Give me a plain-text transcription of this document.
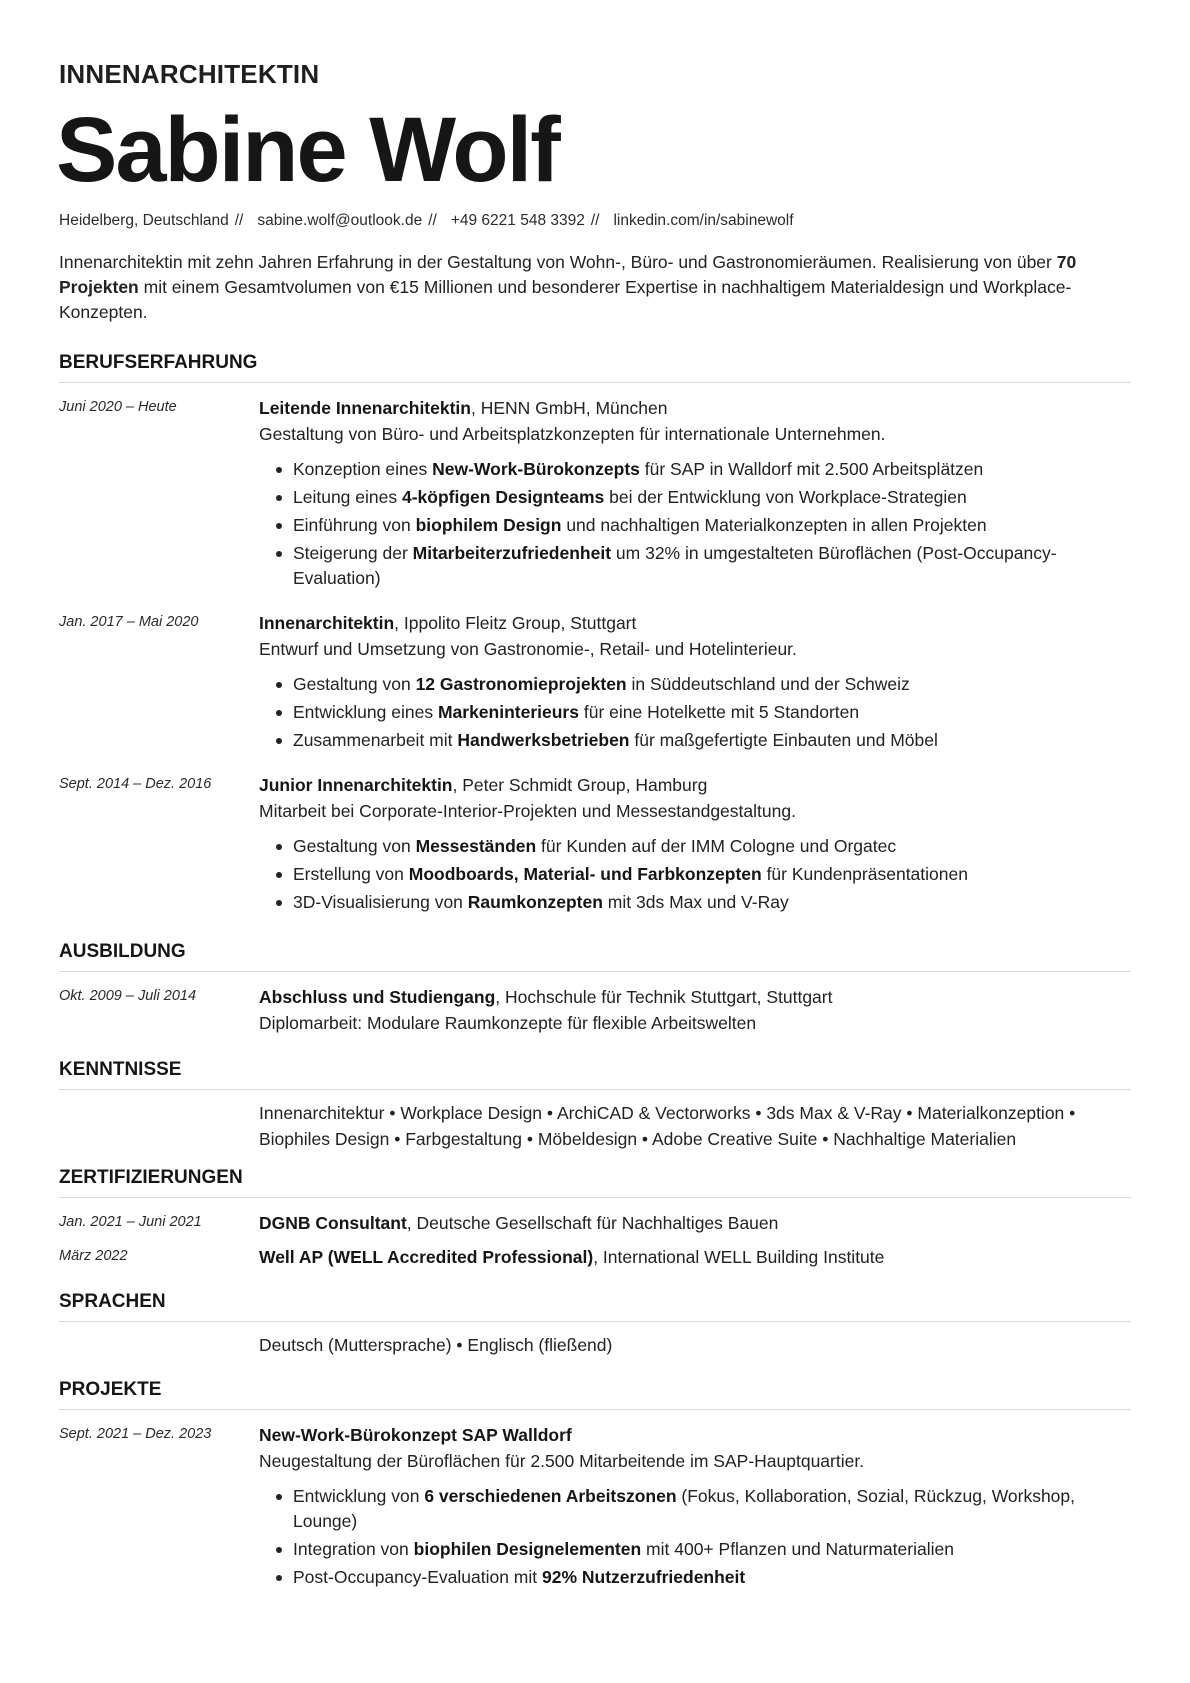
INNENARCHITEKTIN
Sabine Wolf
Heidelberg, Deutschland // sabine.wolf@outlook.de // +49 6221 548 3392 // linkedin.com/in/sabinewolf
Innenarchitektin mit zehn Jahren Erfahrung in der Gestaltung von Wohn-, Büro- und Gastronomieräumen. Realisierung von über 70 Projekten mit einem Gesamtvolumen von €15 Millionen und besonderer Expertise in nachhaltigem Materialdesign und Workplace-Konzepten.
BERUFSERFAHRUNG
Juni 2020 – Heute	Leitende Innenarchitektin, HENN GmbH, München
Gestaltung von Büro- und Arbeitsplatzkonzepten für internationale Unternehmen.
Konzeption eines New-Work-Bürokonzepts für SAP in Walldorf mit 2.500 Arbeitsplätzen
Leitung eines 4-köpfigen Designteams bei der Entwicklung von Workplace-Strategien
Einführung von biophilem Design und nachhaltigen Materialkonzepten in allen Projekten
Steigerung der Mitarbeiterzufriedenheit um 32% in umgestalteten Büroflächen (Post-Occupancy-Evaluation)
Jan. 2017 – Mai 2020	Innenarchitektin, Ippolito Fleitz Group, Stuttgart
Entwurf und Umsetzung von Gastronomie-, Retail- und Hotelinterieur.
Gestaltung von 12 Gastronomieprojekten in Süddeutschland und der Schweiz
Entwicklung eines Markeninterieurs für eine Hotelkette mit 5 Standorten
Zusammenarbeit mit Handwerksbetrieben für maßgefertigte Einbauten und Möbel
Sept. 2014 – Dez. 2016	Junior Innenarchitektin, Peter Schmidt Group, Hamburg
Mitarbeit bei Corporate-Interior-Projekten und Messestandgestaltung.
Gestaltung von Messeständen für Kunden auf der IMM Cologne und Orgatec
Erstellung von Moodboards, Material- und Farbkonzepten für Kundenpräsentationen
3D-Visualisierung von Raumkonzepten mit 3ds Max und V-Ray
AUSBILDUNG
Okt. 2009 – Juli 2014	Abschluss und Studiengang, Hochschule für Technik Stuttgart, Stuttgart
Diplomarbeit: Modulare Raumkonzepte für flexible Arbeitswelten
KENNTNISSE
Innenarchitektur • Workplace Design • ArchiCAD & Vectorworks • 3ds Max & V-Ray • Materialkonzeption • Biophiles Design • Farbgestaltung • Möbeldesign • Adobe Creative Suite • Nachhaltige Materialien
ZERTIFIZIERUNGEN
Jan. 2021 – Juni 2021	DGNB Consultant, Deutsche Gesellschaft für Nachhaltiges Bauen
März 2022	Well AP (WELL Accredited Professional), International WELL Building Institute
SPRACHEN
Deutsch (Muttersprache) • Englisch (fließend)
PROJEKTE
Sept. 2021 – Dez. 2023	New-Work-Bürokonzept SAP Walldorf
Neugestaltung der Büroflächen für 2.500 Mitarbeitende im SAP-Hauptquartier.
Entwicklung von 6 verschiedenen Arbeitszonen (Fokus, Kollaboration, Sozial, Rückzug, Workshop, Lounge)
Integration von biophilen Designelementen mit 400+ Pflanzen und Naturmaterialien
Post-Occupancy-Evaluation mit 92% Nutzerzufriedenheit
